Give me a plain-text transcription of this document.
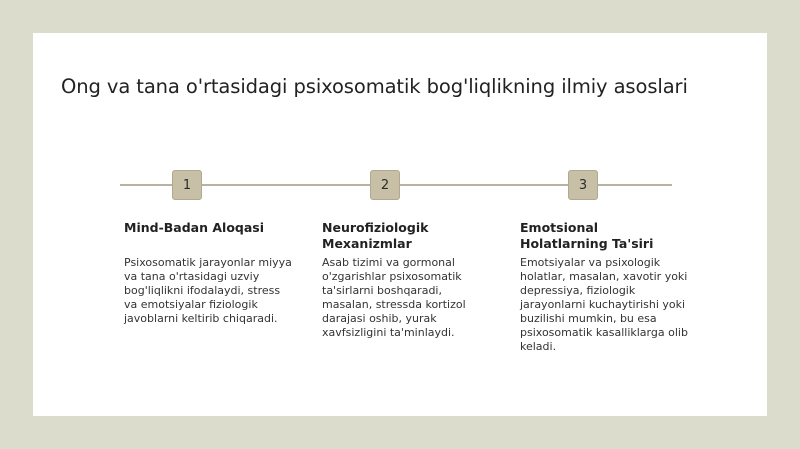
Ong va tana o'rtasidagi psixosomatik bog'liqlikning ilmiy asoslari
1	2	3

Mind-Badan Aloqasi

Psixosomatik jarayonlar miyya va tana o'rtasidagi uzviy bog'liqlikni ifodalaydi, stress va emotsiyalar fiziologik javoblarni keltirib chiqaradi.

Neurofiziologik Mexanizmlar

Asab tizimi va gormonal o'zgarishlar psixosomatik ta'sirlarni boshqaradi, masalan, stressda kortizol darajasi oshib, yurak xavfsizligini ta'minlaydi.

Emotsional Holatlarning Ta'siri

Emotsiyalar va psixologik holatlar, masalan, xavotir yoki depressiya, fiziologik jarayonlarni kuchaytirishi yoki buzilishi mumkin, bu esa psixosomatik kasalliklarga olib keladi.
